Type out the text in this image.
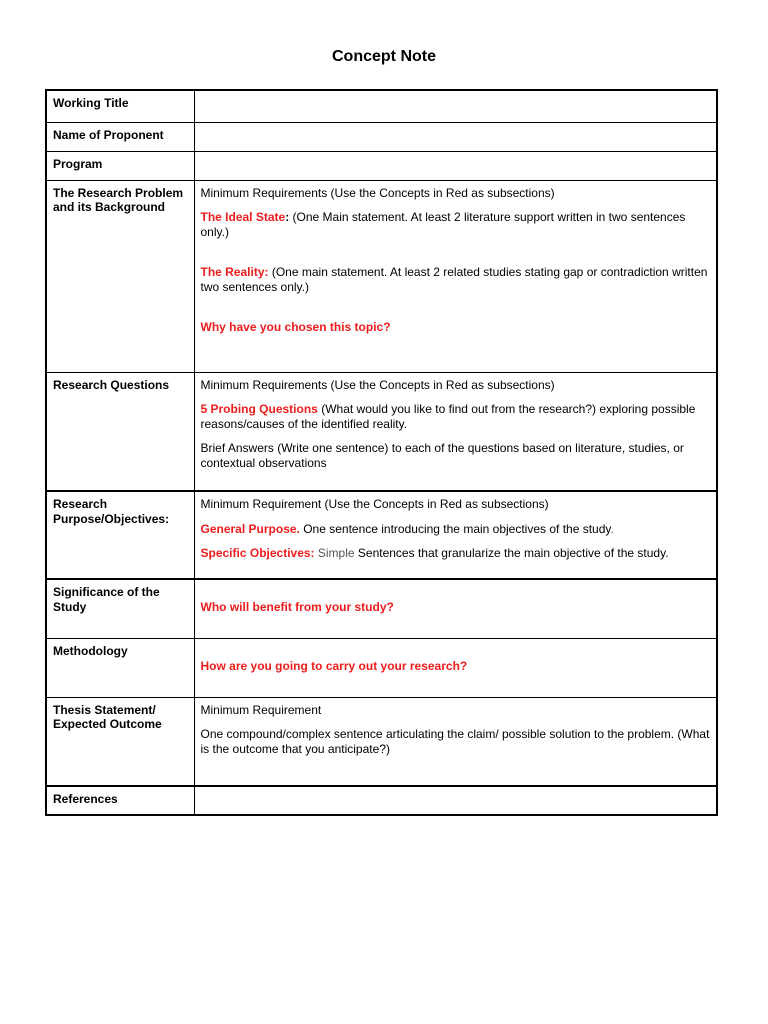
Concept Note
Working Title	
Name of Proponent	
Program	
The Research Problem and its Background	Minimum Requirements (Use the Concepts in Red as subsections)
The Ideal State: (One Main statement. At least 2 literature support written in two sentences only.)
The Reality: (One main statement. At least 2 related studies stating gap or contradiction written two sentences only.)
Why have you chosen this topic?

Research Questions	Minimum Requirements (Use the Concepts in Red as subsections)
5 Probing Questions (What would you like to find out from the research?) exploring possible reasons/causes of the identified reality.
Brief Answers (Write one sentence) to each of the questions based on literature, studies, or contextual observations

Research Purpose/Objectives:	Minimum Requirement (Use the Concepts in Red as subsections)
General Purpose. One sentence introducing the main objectives of the study.
Specific Objectives: Simple Sentences that granularize the main objective of the study.

Significance of the Study	Who will benefit from your study?

Methodology	How are you going to carry out your research?

Thesis Statement/ Expected Outcome	Minimum Requirement
One compound/complex sentence articulating the claim/ possible solution to the problem. (What is the outcome that you anticipate?)

References	
